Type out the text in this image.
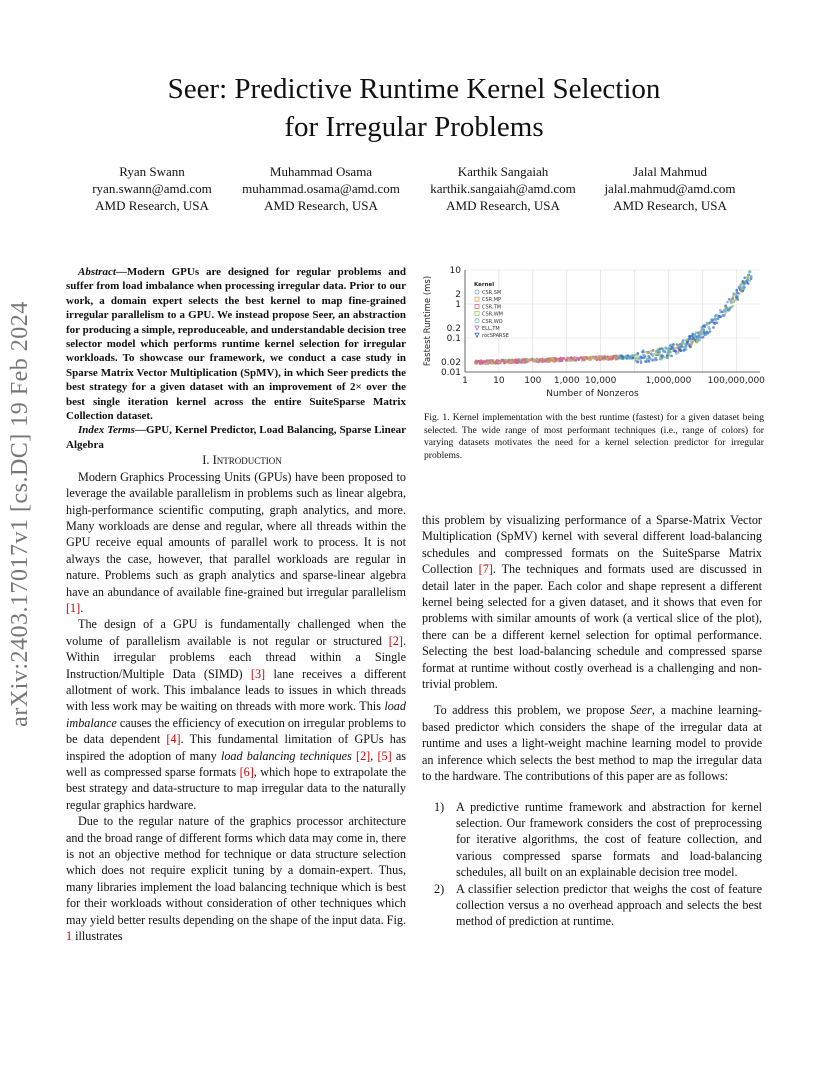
arXiv:2403.17017v1 [cs.DC] 19 Feb 2024
Seer: Predictive Runtime Kernel Selection
for Irregular Problems
Ryan Swann
ryan.swann@amd.com
AMD Research, USA
Muhammad Osama
muhammad.osama@amd.com
AMD Research, USA
Karthik Sangaiah
karthik.sangaiah@amd.com
AMD Research, USA
Jalal Mahmud
jalal.mahmud@amd.com
AMD Research, USA

Abstract—Modern GPUs are designed for regular problems and suffer from load imbalance when processing irregular data. Prior to our work, a domain expert selects the best kernel to map fine-grained irregular parallelism to a GPU. We instead propose Seer, an abstraction for producing a simple, reproduceable, and understandable decision tree selector model which performs runtime kernel selection for irregular workloads. To showcase our framework, we conduct a case study in Sparse Matrix Vector Multiplication (SpMV), in which Seer predicts the best strategy for a given dataset with an improvement of 2× over the best single iteration kernel across the entire SuiteSparse Matrix Collection dataset.

Index Terms—GPU, Kernel Predictor, Load Balancing, Sparse Linear Algebra

I. Introduction

Modern Graphics Processing Units (GPUs) have been proposed to leverage the available parallelism in problems such as linear algebra, high-performance scientific computing, graph analytics, and more. Many workloads are dense and regular, where all threads within the GPU receive equal amounts of parallel work to process. It is not always the case, however, that parallel workloads are regular in nature. Problems such as graph analytics and sparse-linear algebra have an abundance of available fine-grained but irregular parallelism [1].

The design of a GPU is fundamentally challenged when the volume of parallelism available is not regular or structured [2]. Within irregular problems each thread within a Single Instruction/Multiple Data (SIMD) [3] lane receives a different allotment of work. This imbalance leads to issues in which threads with less work may be waiting on threads with more work. This load imbalance causes the efficiency of execution on irregular problems to be data dependent [4]. This fundamental limitation of GPUs has inspired the adoption of many load balancing techniques [2], [5] as well as compressed sparse formats [6], which hope to extrapolate the best strategy and data-structure to map irregular data to the naturally regular graphics hardware.

Due to the regular nature of the graphics processor architecture and the broad range of different forms which data may come in, there is not an objective method for technique or data structure selection which does not require explicit tuning by a domain-expert. Thus, many libraries implement the load balancing technique which is best for their workloads without consideration of other techniques which may yield better results depending on the shape of the input data. Fig. 1 illustrates

1	10 100 1,000 10,000	1,000,000 100,000,000
10
2
1
0.2
0.1
0.02
0.01
Number of Nonzeros
Fastest Runtime (ms)	Kernel
CSR,SM
CSR,MP
CSR,TM
CSR,WM
CSR,WO
ELL,TM
rocSPARSE
Fig. 1. Kernel implementation with the best runtime (fastest) for a given dataset being selected. The wide range of most performant techniques (i.e., range of colors) for varying datasets motivates the need for a kernel selection predictor for irregular problems.

this problem by visualizing performance of a Sparse-Matrix Vector Multiplication (SpMV) kernel with several different load-balancing schedules and compressed formats on the SuiteSparse Matrix Collection [7]. The techniques and formats used are discussed in detail later in the paper. Each color and shape represent a different kernel being selected for a given dataset, and it shows that even for problems with similar amounts of work (a vertical slice of the plot), there can be a different kernel selection for optimal performance. Selecting the best load-balancing schedule and compressed sparse format at runtime without costly overhead is a challenging and non-trivial problem.

To address this problem, we propose Seer, a machine learning-based predictor which considers the shape of the irregular data at runtime and uses a light-weight machine learning model to provide an inference which selects the best method to map the irregular data to the hardware. The contributions of this paper are as follows:

1) A predictive runtime framework and abstraction for kernel selection. Our framework considers the cost of preprocessing for iterative algorithms, the cost of feature collection, and various compressed sparse formats and load-balancing schedules, all built on an explainable decision tree model.
2) A classifier selection predictor that weighs the cost of feature collection versus a no overhead approach and selects the best method of prediction at runtime.
